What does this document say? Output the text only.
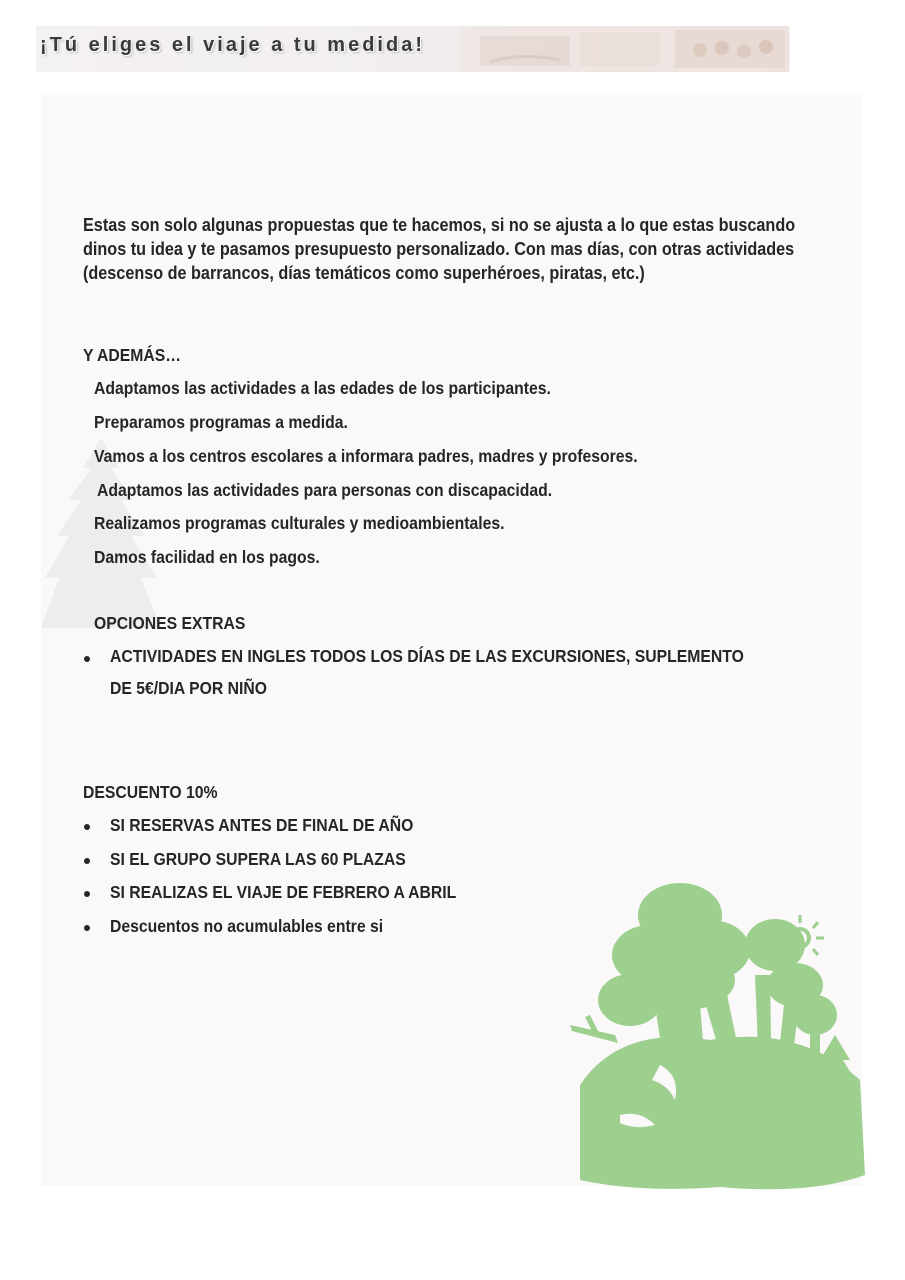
¡Tú eliges el viaje a tu medida!
Estas son solo algunas propuestas que te hacemos, si no se ajusta a lo que estas buscando dinos tu idea y te pasamos presupuesto personalizado. Con mas días, con otras actividades (descenso de barrancos, días temáticos como superhéroes, piratas, etc.)
Y ADEMÁS…
Adaptamos las actividades a las edades de los participantes.
Preparamos programas a medida.
Vamos a los centros escolares a informara padres, madres y profesores.
Adaptamos las actividades para personas con discapacidad.
Realizamos programas culturales y medioambientales.
Damos facilidad en los pagos.
OPCIONES EXTRAS
ACTIVIDADES EN INGLES TODOS LOS DÍAS DE LAS EXCURSIONES, SUPLEMENTO
DE 5€/DIA POR NIÑO
DESCUENTO 10%
SI RESERVAS ANTES DE FINAL DE AÑO
SI EL GRUPO SUPERA LAS 60 PLAZAS
SI REALIZAS EL VIAJE DE FEBRERO A ABRIL
Descuentos no acumulables entre si
